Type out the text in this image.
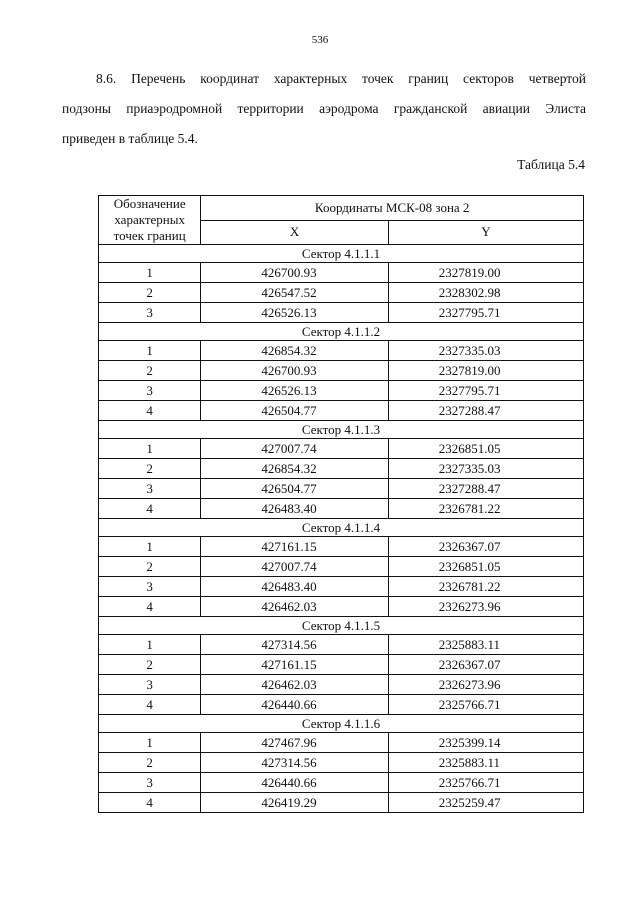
536
8.6. Перечень координат характерных точек границ секторов четвертой
подзоны приаэродромной территории аэродрома гражданской авиации Элиста
приведен в таблице 5.4.
Таблица 5.4
Обозначение характерных точек границ	Координаты МСК-08 зона 2	
	X	Y
Сектор 4.1.1.1		
1	426700.93	2327819.00
2	426547.52	2328302.98
3	426526.13	2327795.71
Сектор 4.1.1.2		
1	426854.32	2327335.03
2	426700.93	2327819.00
3	426526.13	2327795.71
4	426504.77	2327288.47
Сектор 4.1.1.3		
1	427007.74	2326851.05
2	426854.32	2327335.03
3	426504.77	2327288.47
4	426483.40	2326781.22
Сектор 4.1.1.4		
1	427161.15	2326367.07
2	427007.74	2326851.05
3	426483.40	2326781.22
4	426462.03	2326273.96
Сектор 4.1.1.5		
1	427314.56	2325883.11
2	427161.15	2326367.07
3	426462.03	2326273.96
4	426440.66	2325766.71
Сектор 4.1.1.6		
1	427467.96	2325399.14
2	427314.56	2325883.11
3	426440.66	2325766.71
4	426419.29	2325259.47
